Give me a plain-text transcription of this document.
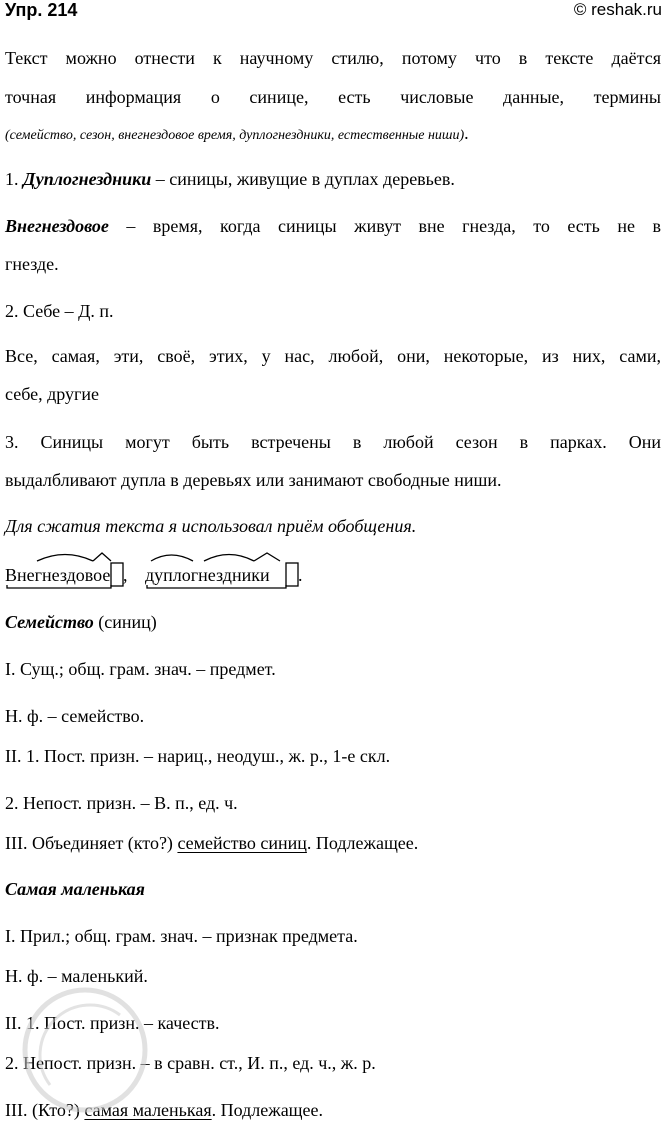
Упр. 214	© reshak.ru
Текст можно отнести к научному стилю, потому что в тексте даётся
точная информация о синице, есть числовые данные, термины
(семейство, сезон, внегнездовое время, дуплогнездники, естественные ниши).
1. Дуплогнездники – синицы, живущие в дуплах деревьев.
Внегнездовое – время, когда синицы живут вне гнезда, то есть не в
гнезде.
2. Себе – Д. п.
Все, самая, эти, своё, этих, у нас, любой, они, некоторые, из них, сами,
себе, другие
3. Синицы могут быть встречены в любой сезон в парках. Они
выдалбливают дупла в деревьях или занимают свободные ниши.
Для сжатия текста я использовал приём обобщения.
Внегнездовое , дуплогнездники .
Семейство (синиц)
I. Сущ.; общ. грам. знач. – предмет.
Н. ф. – семейство.
II. 1. Пост. призн. – нариц., неодуш., ж. р., 1-е скл.
2. Непост. призн. – В. п., ед. ч.
III. Объединяет (кто?) семейство синиц. Подлежащее.
Самая маленькая
I. Прил.; общ. грам. знач. – признак предмета.
Н. ф. – маленький.
II. 1. Пост. призн. – качеств.
2. Непост. призн. – в сравн. ст., И. п., ед. ч., ж. р.
III. (Кто?) самая маленькая. Подлежащее.
